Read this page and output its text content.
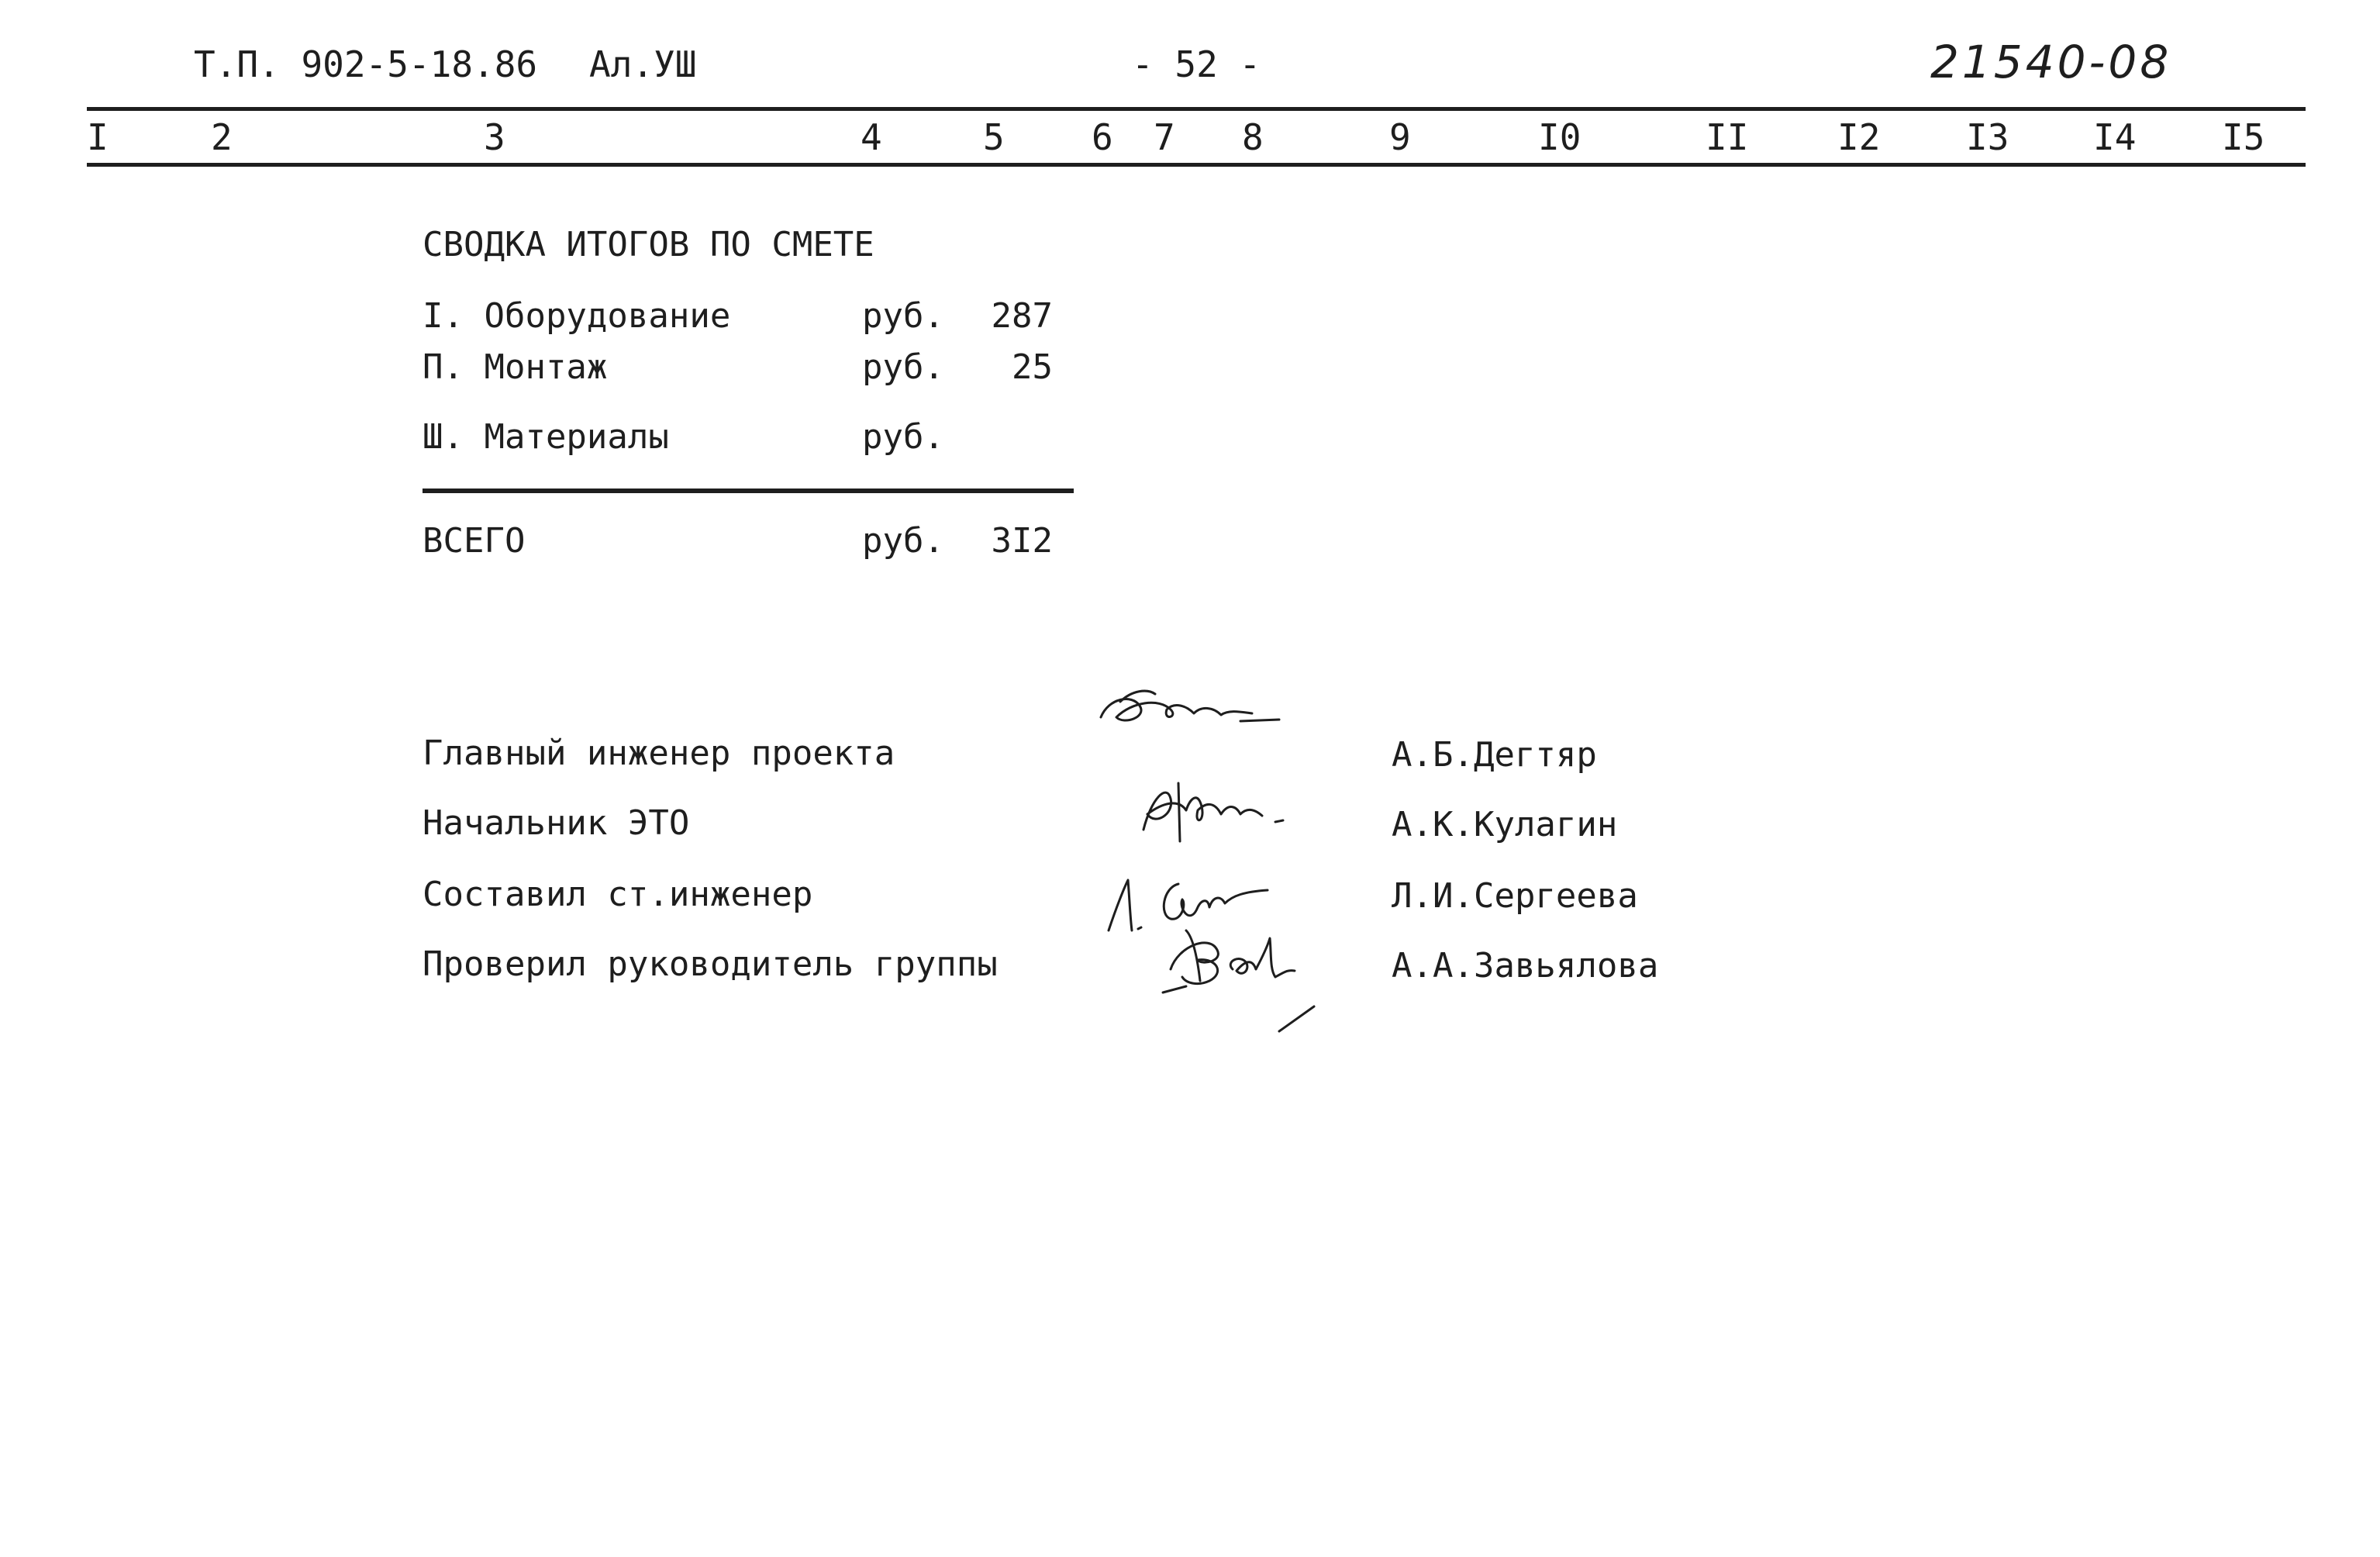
Т.П. 902-5-18.86 Ал.УШ	- 52 -	21540-08
I	2	3	4	5 6 7 8	9	I0	II I2 I3 I4 I5
СВОДКА ИТОГОВ ПО СМЕТЕ
I. Оборудование	руб.	287
П. Монтаж	руб.	25
Ш. Материалы	руб.
ВСЕГО	руб.	3I2
Главный инженер проекта	А.Б.Дегтяр
Начальник ЭТО	А.К.Кулагин
Составил ст.инженер	Л.И.Сергеева
Проверил руководитель группы	А.А.Завьялова
